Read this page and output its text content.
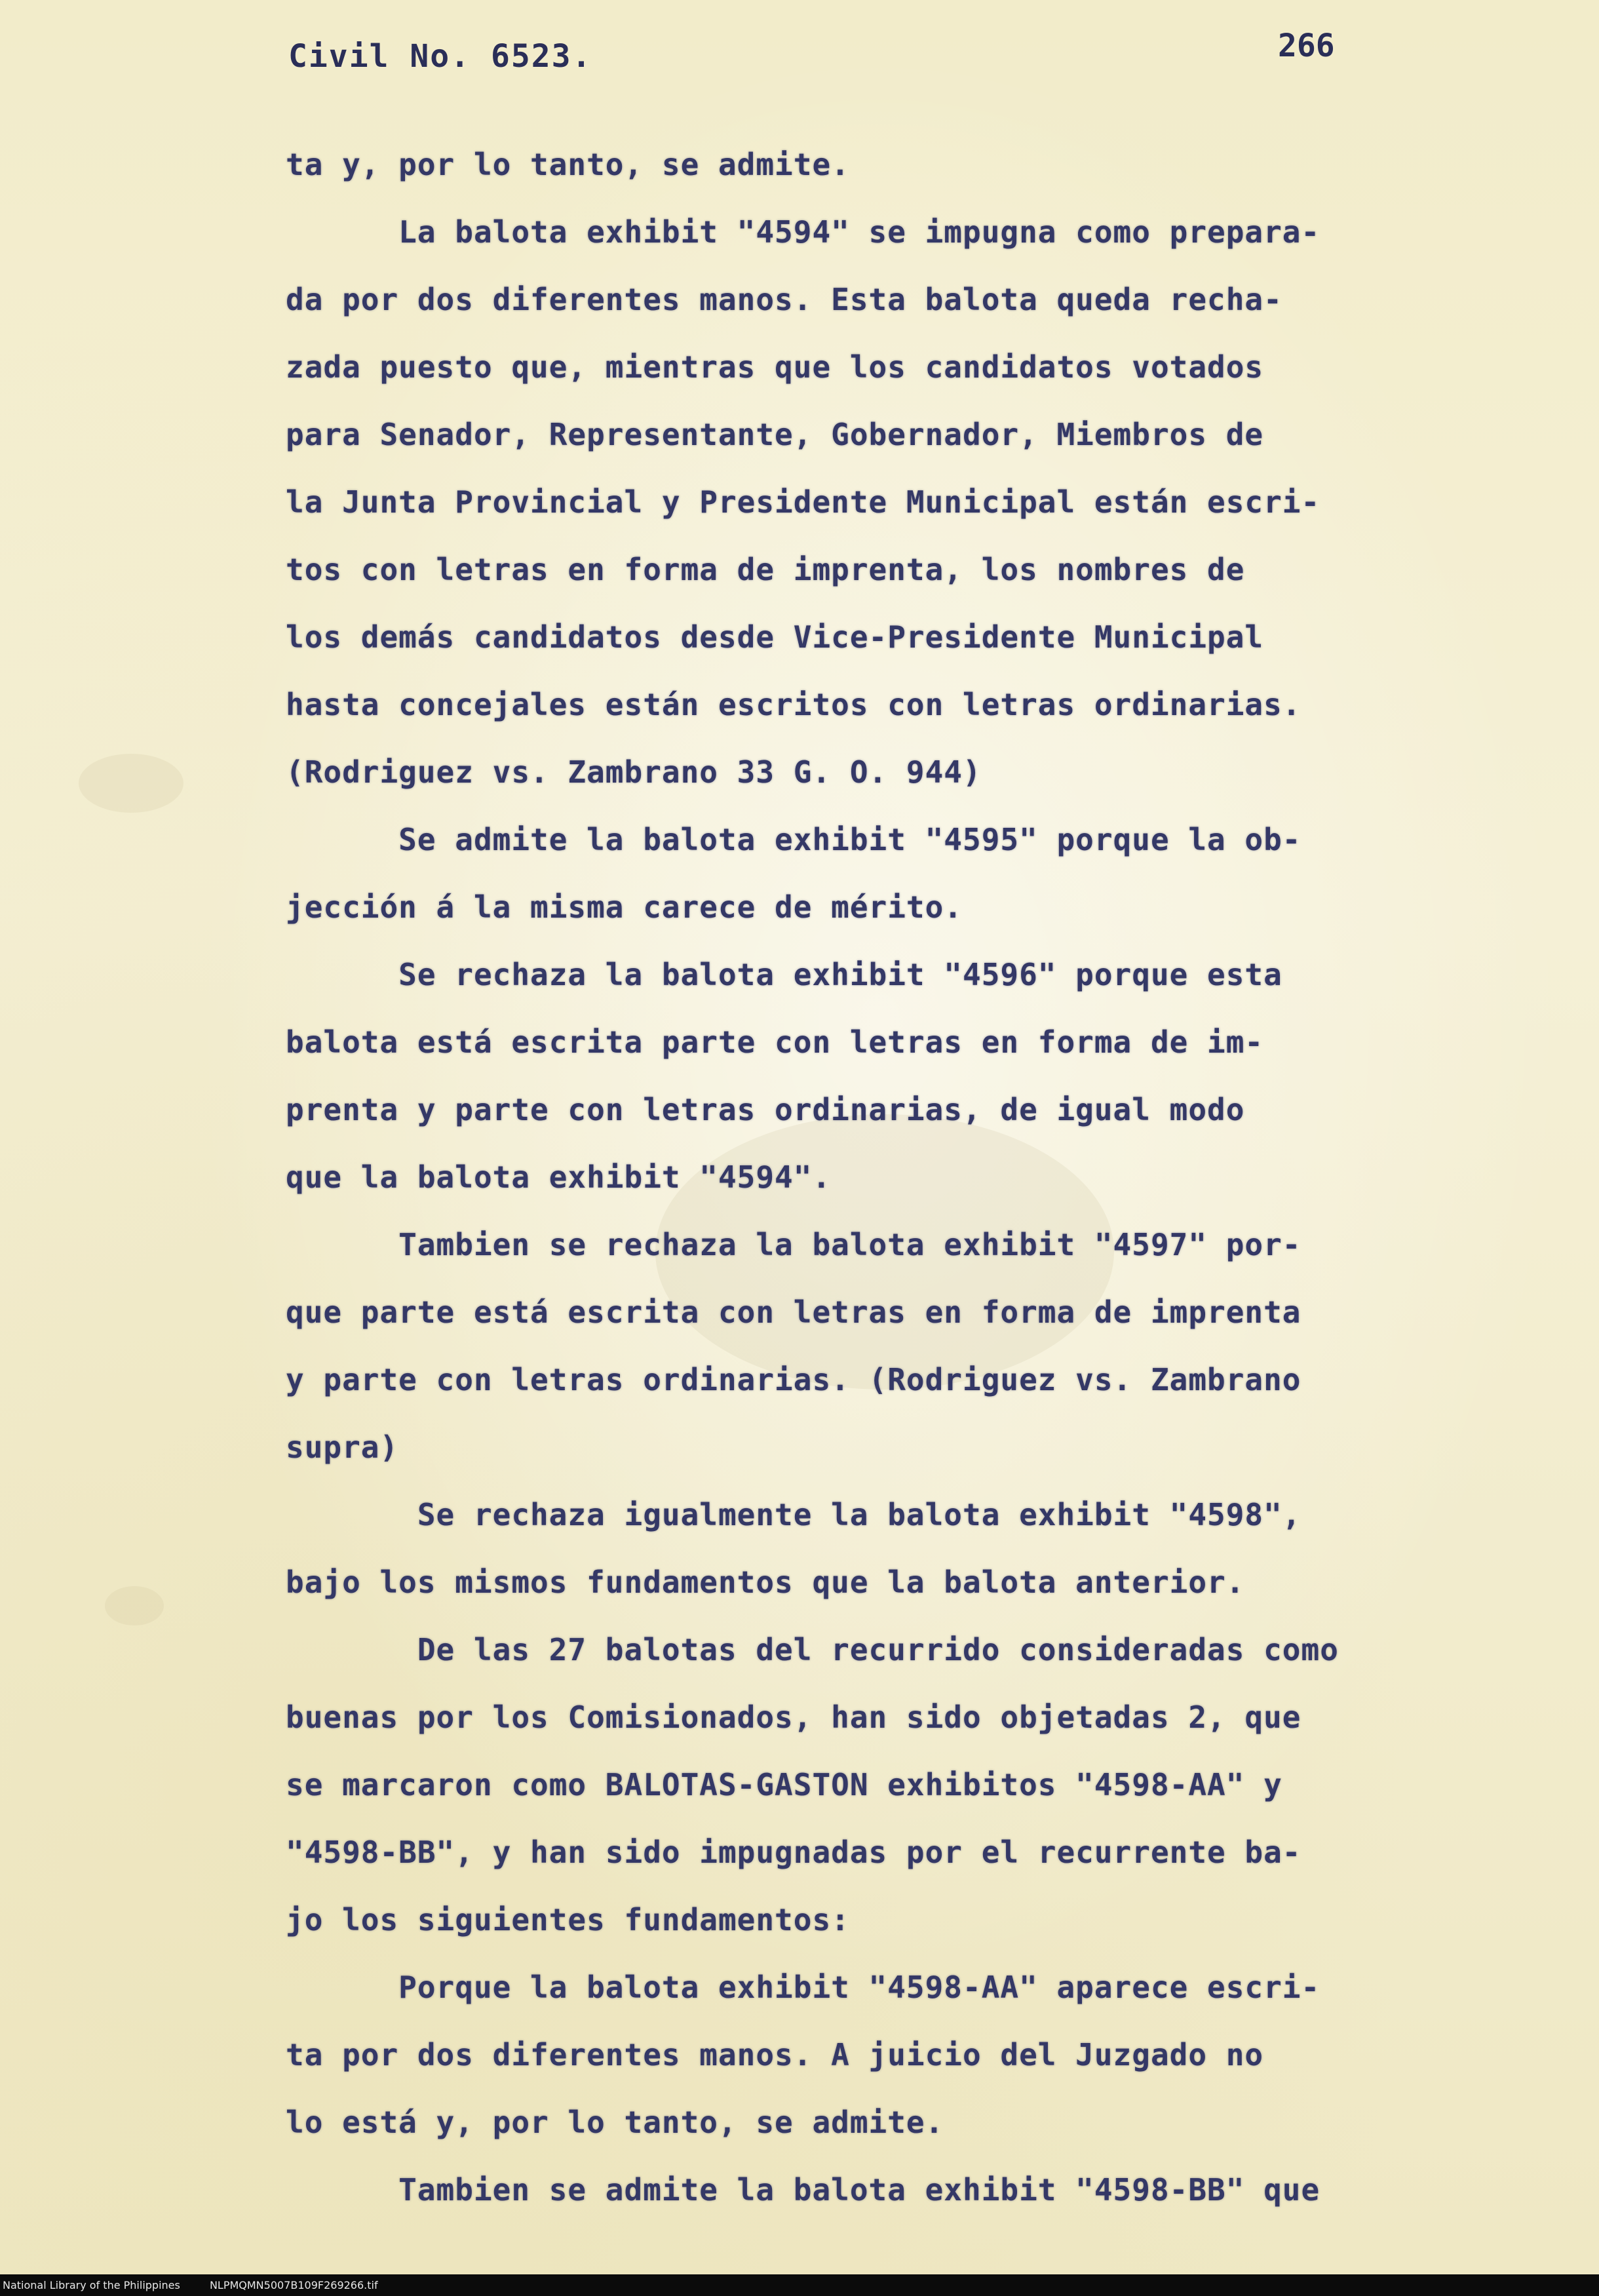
Civil No. 6523.	266
ta y, por lo tanto, se admite.
La balota exhibit "4594" se impugna como prepara-
da por dos diferentes manos. Esta balota queda recha-
zada puesto que, mientras que los candidatos votados
para Senador, Representante, Gobernador, Miembros de
la Junta Provincial y Presidente Municipal están escri-
tos con letras en forma de imprenta, los nombres de
los demás candidatos desde Vice-Presidente Municipal
hasta concejales están escritos con letras ordinarias.
(Rodriguez vs. Zambrano 33 G. O. 944)
Se admite la balota exhibit "4595" porque la ob-
jección á la misma carece de mérito.
Se rechaza la balota exhibit "4596" porque esta
balota está escrita parte con letras en forma de im-
prenta y parte con letras ordinarias, de igual modo
que la balota exhibit "4594".
Tambien se rechaza la balota exhibit "4597" por-
que parte está escrita con letras en forma de imprenta
y parte con letras ordinarias. (Rodriguez vs. Zambrano
supra)
Se rechaza igualmente la balota exhibit "4598",
bajo los mismos fundamentos que la balota anterior.
De las 27 balotas del recurrido consideradas como
buenas por los Comisionados, han sido objetadas 2, que
se marcaron como BALOTAS-GASTON exhibitos "4598-AA" y
"4598-BB", y han sido impugnadas por el recurrente ba-
jo los siguientes fundamentos:
Porque la balota exhibit "4598-AA" aparece escri-
ta por dos diferentes manos. A juicio del Juzgado no
lo está y, por lo tanto, se admite.
Tambien se admite la balota exhibit "4598-BB" que
National Library of the Philippines	NLPMQMN5007B109F269266.tif
